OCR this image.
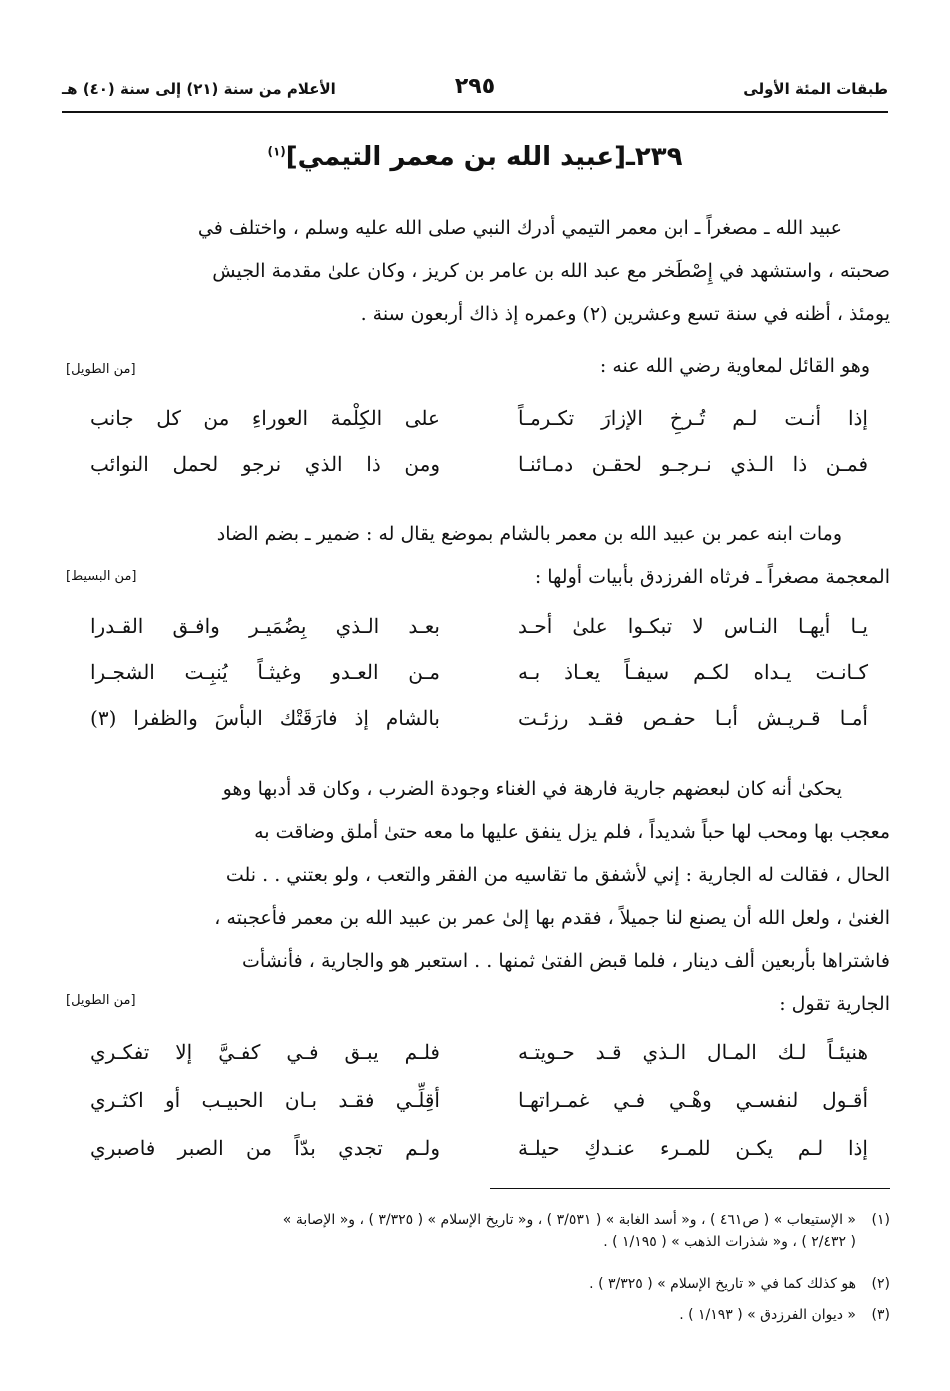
طبقات المئة الأولى
٢٩٥
الأعلام من سنة (٢١) إلى سنة (٤٠) هـ
٢٣٩ـ[عبيد الله بن معمر التيمي]$^{(١)}$
عبيد الله ـ مصغراً ـ ابن معمر التيمي أدرك النبي صلى الله عليه وسلم ، واختلف في
صحبته ، واستشهد في إِصْطَخر مع عبد الله بن عامر بن كريز ، وكان علىٰ مقدمة الجيش
يومئذ ، أظنه في سنة تسع وعشرين (٢) وعمره إذ ذاك أربعون سنة .
وهو القائل لمعاوية رضي الله عنه :
[من الطويل]
إذا أنـت لـم تُـرخِ الإزارَ تكـرمـاً
على الكِلْمة العوراءِ من كل جانب
فمـن ذا الـذي نـرجـو لحقـن دمـائنـا
ومن ذا الذي نرجو لحمل النوائب
ومات ابنه عمر بن عبيد الله بن معمر بالشام بموضع يقال له : ضمير ـ بضم الضاد
المعجمة مصغراً ـ فرثاه الفرزدق بأبيات أولها :
[من البسيط]
يـا أيهـا النـاس لا تبكـوا علىٰ أحـد
بعـد الـذي بِضُمَيـر وافـق القـدرا
كـانـت يـداه لكـم سيفـاً يعـاذ بـه
مـن العـدو وغيثـاً يُنبِـت الشجـرا
أمـا قـريـش أبـا حفـص فقـد رزئـت
بالشام إذ فارَقَتْك البأسَ والظفرا (٣)
يحكىٰ أنه كان لبعضهم جارية فارهة في الغناء وجودة الضرب ، وكان قد أدبها وهو
معجب بها ومحب لها حباً شديداً ، فلم يزل ينفق عليها ما معه حتىٰ أملق وضاقت به
الحال ، فقالت له الجارية : إني لأشفق ما تقاسيه من الفقر والتعب ، ولو بعتني . . نلت
الغنىٰ ، ولعل الله أن يصنع لنا جميلاً ، فقدم بها إلىٰ عمر بن عبيد الله بن معمر فأعجبته ،
فاشتراها بأربعين ألف دينار ، فلما قبض الفتىٰ ثمنها . . استعبر هو والجارية ، فأنشأت
الجارية تقول :
[من الطويل]
هنيئـاً لـك المـال الـذي قـد حـويتـه
فلـم يبـق فـي كفـيَّ إلا تفكـري
أقـول لنفسـي وهْـي فـي غمـراتهـا
أقِلِّـي فقـد بـان الحبيـب أو اكثـري
إذا لـم يكـن للمـرء عنـدكِ حيلـة
ولـم تجدي بدّاً من الصبر فاصبري
(١)« الإستيعاب » ( ص٤٦١ ) ، و« أسد الغابة » ( ٣/٥٣١ ) ، و« تاريخ الإسلام » ( ٣/٣٢٥ ) ، و« الإصابة »
( ٢/٤٣٢ ) ، و« شذرات الذهب » ( ١/١٩٥ ) .
(٢)هو كذلك كما في « تاريخ الإسلام » ( ٣/٣٢٥ ) .
(٣)« ديوان الفرزدق » ( ١/١٩٣ ) .
